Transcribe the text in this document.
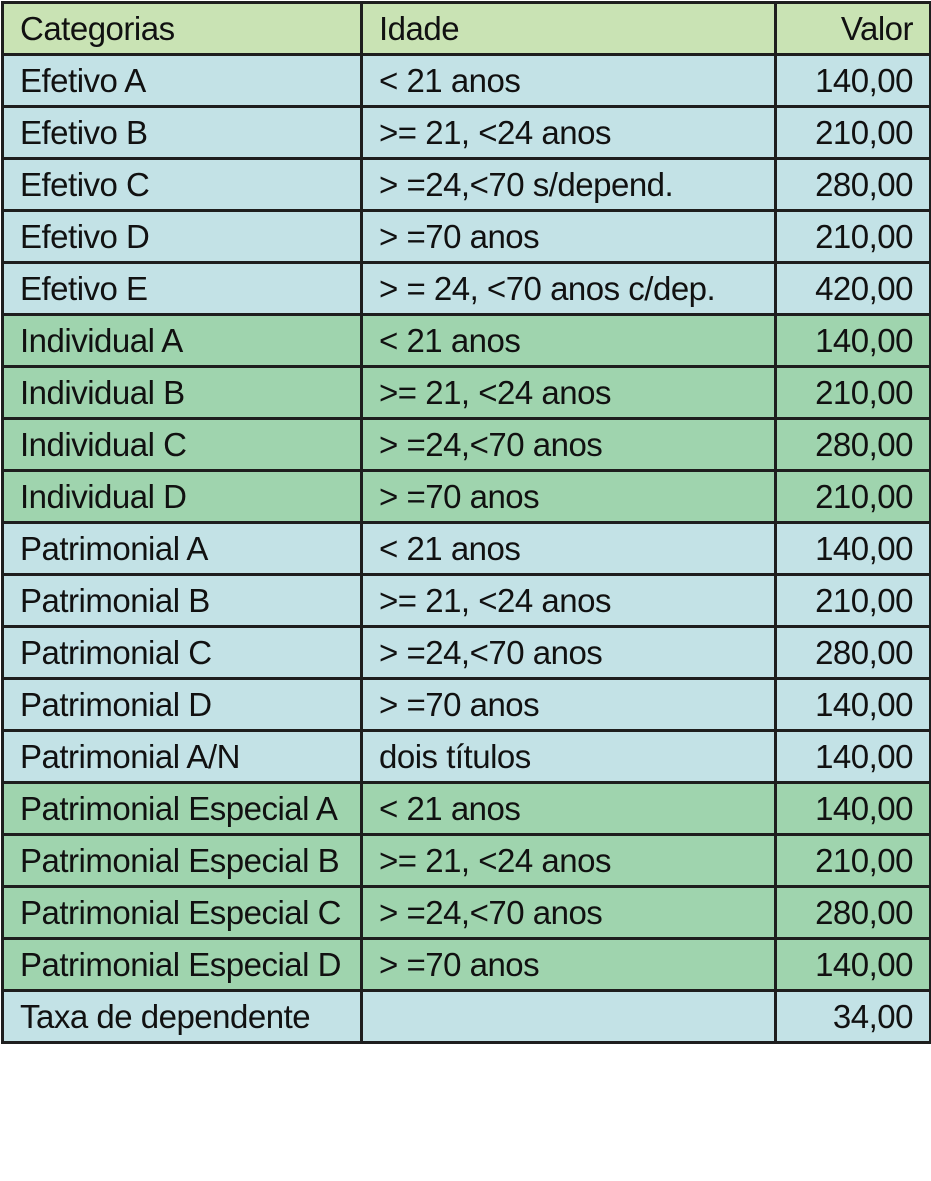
Categorias	Idade	Valor
Efetivo A	< 21 anos	140,00
Efetivo B	>= 21, <24 anos	210,00
Efetivo C	> =24,<70 s/depend.	280,00
Efetivo D	> =70 anos	210,00
Efetivo E	> = 24, <70 anos c/dep.	420,00
Individual A	< 21 anos	140,00
Individual B	>= 21, <24 anos	210,00
Individual C	> =24,<70 anos	280,00
Individual D	> =70 anos	210,00
Patrimonial A	< 21 anos	140,00
Patrimonial B	>= 21, <24 anos	210,00
Patrimonial C	> =24,<70 anos	280,00
Patrimonial D	> =70 anos	140,00
Patrimonial A/N	dois títulos	140,00
Patrimonial Especial A	< 21 anos	140,00
Patrimonial Especial B	>= 21, <24 anos	210,00
Patrimonial Especial C	> =24,<70 anos	280,00
Patrimonial Especial D	> =70 anos	140,00
Taxa de dependente		34,00
